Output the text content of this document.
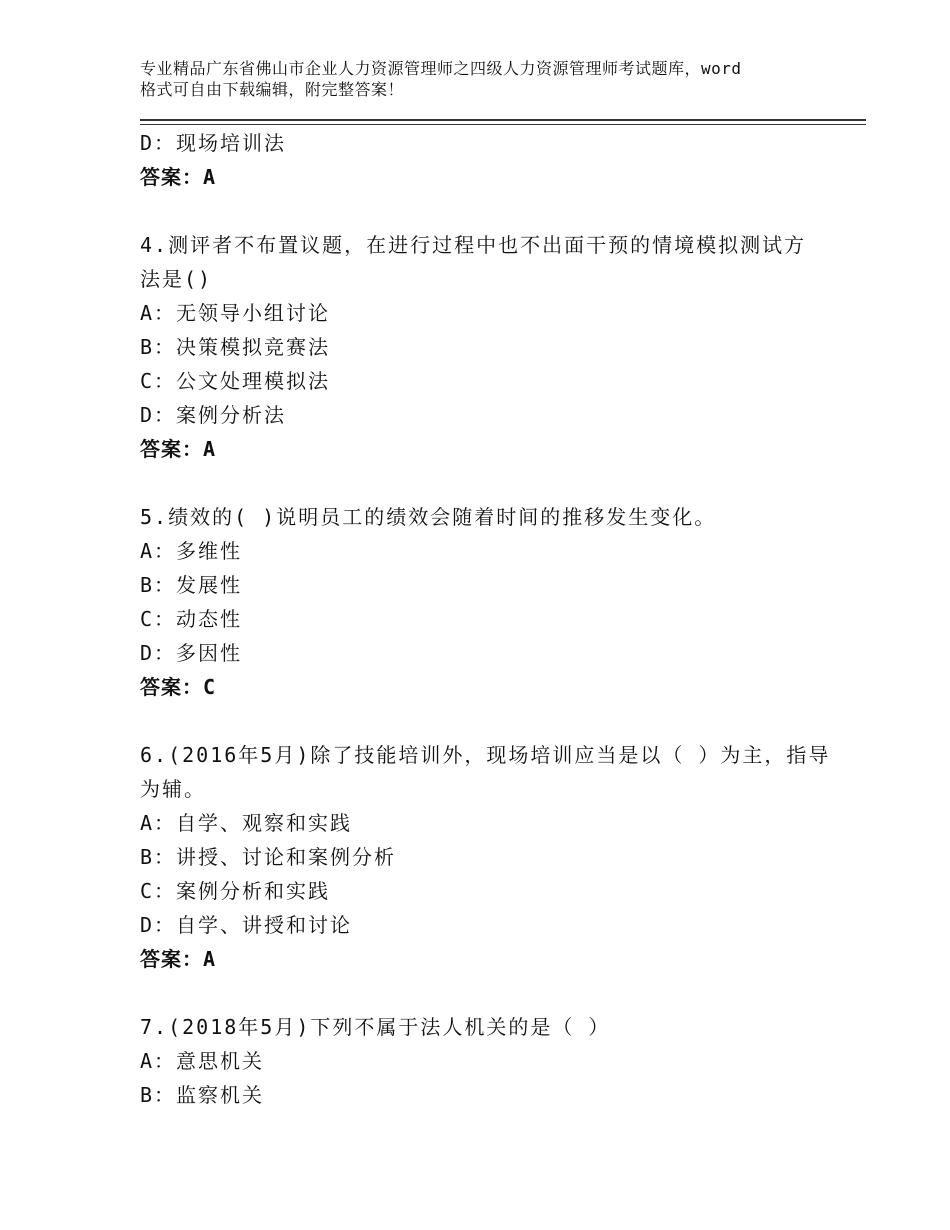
专业精品广东省佛山市企业人力资源管理师之四级人力资源管理师考试题库，word
格式可自由下载编辑，附完整答案！

D：现场培训法

答案：A

4.测评者不布置议题，在进行过程中也不出面干预的情境模拟测试方

法是()

A：无领导小组讨论

B：决策模拟竞赛法

C：公文处理模拟法

D：案例分析法

答案：A

5.绩效的( )说明员工的绩效会随着时间的推移发生变化。

A：多维性

B：发展性

C：动态性

D：多因性

答案：C

6.(2016年5月)除了技能培训外，现场培训应当是以（ ）为主，指导

为辅。

A：自学、观察和实践

B：讲授、讨论和案例分析

C：案例分析和实践

D：自学、讲授和讨论

答案：A

7.(2018年5月)下列不属于法人机关的是（ ）

A：意思机关

B：监察机关
